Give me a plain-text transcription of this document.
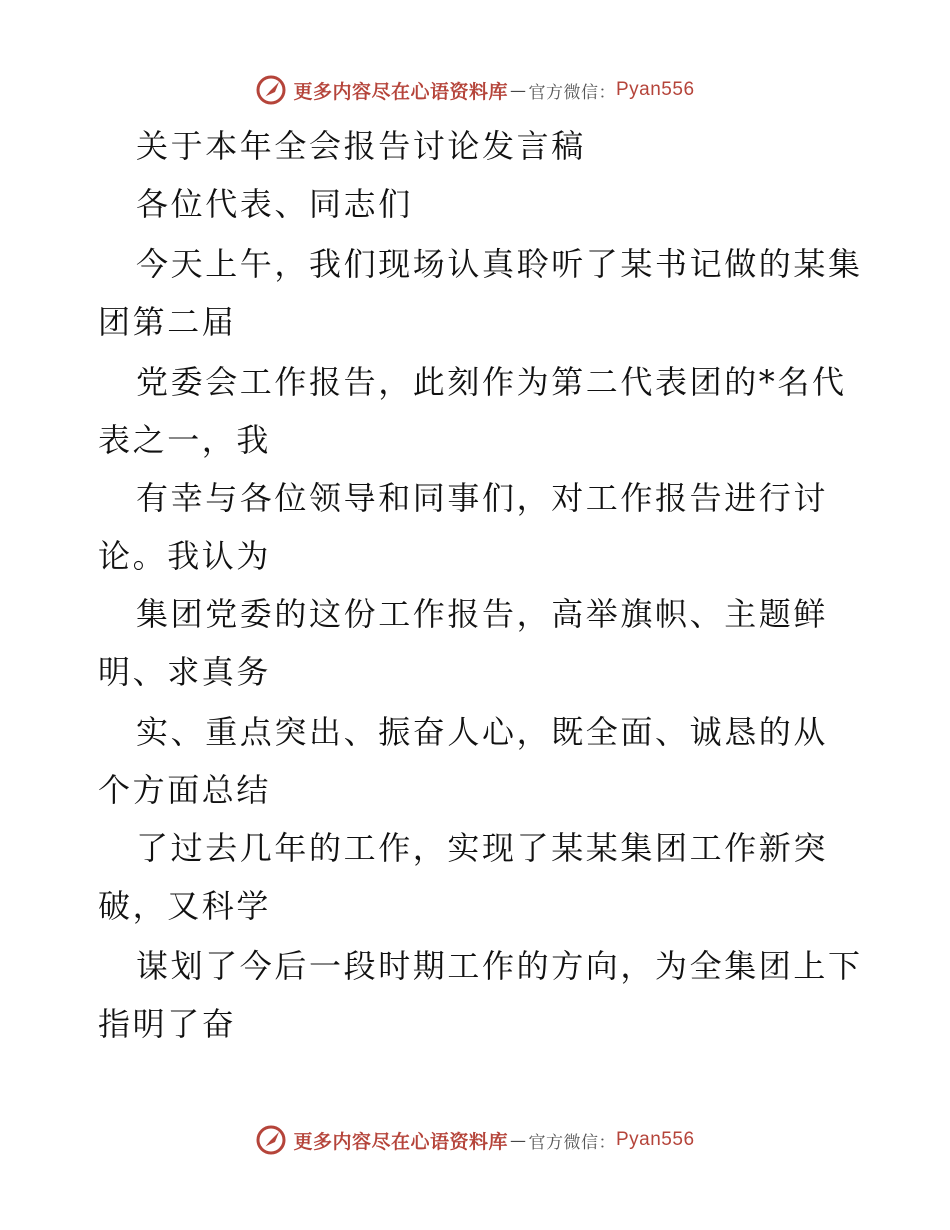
更多内容尽在心语资料库 — 官方微信： Pyan556
关于本年全会报告讨论发言稿
各位代表、同志们
今天上午，我们现场认真聆听了某书记做的某集
团第二届
党委会工作报告，此刻作为第二代表团的*名代
表之一，我
有幸与各位领导和同事们，对工作报告进行讨
论。我认为
集团党委的这份工作报告，高举旗帜、主题鲜
明、求真务
实、重点突出、振奋人心，既全面、诚恳的从
个方面总结
了过去几年的工作，实现了某某集团工作新突
破，又科学
谋划了今后一段时期工作的方向，为全集团上下
指明了奋
更多内容尽在心语资料库 — 官方微信： Pyan556
